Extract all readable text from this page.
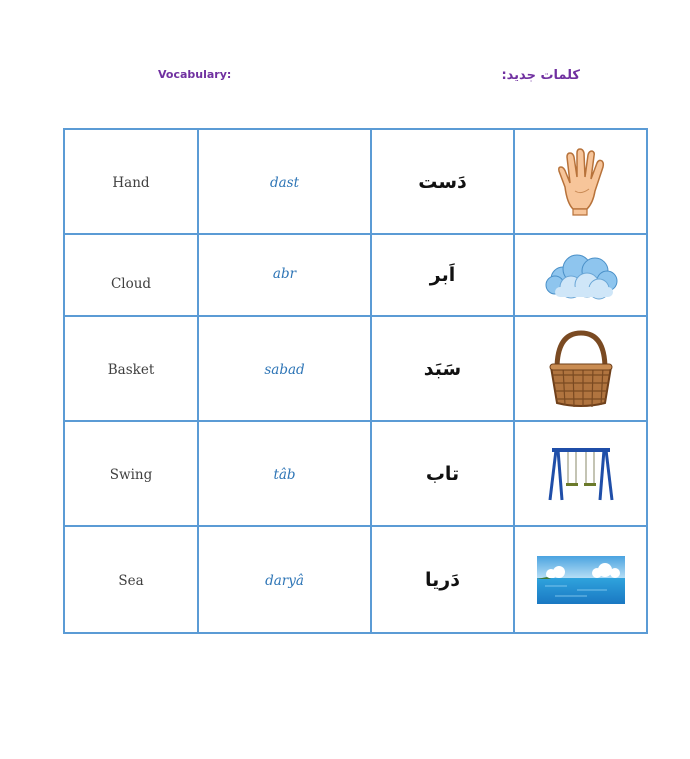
Vocabulary:	کلمات جدید:
Hand	dast	دَست	

Cloud	abr	اَبر	

Basket	sabad	سَبَد	

Swing	tâb	تاب	

Sea	daryâ	دَریا	
